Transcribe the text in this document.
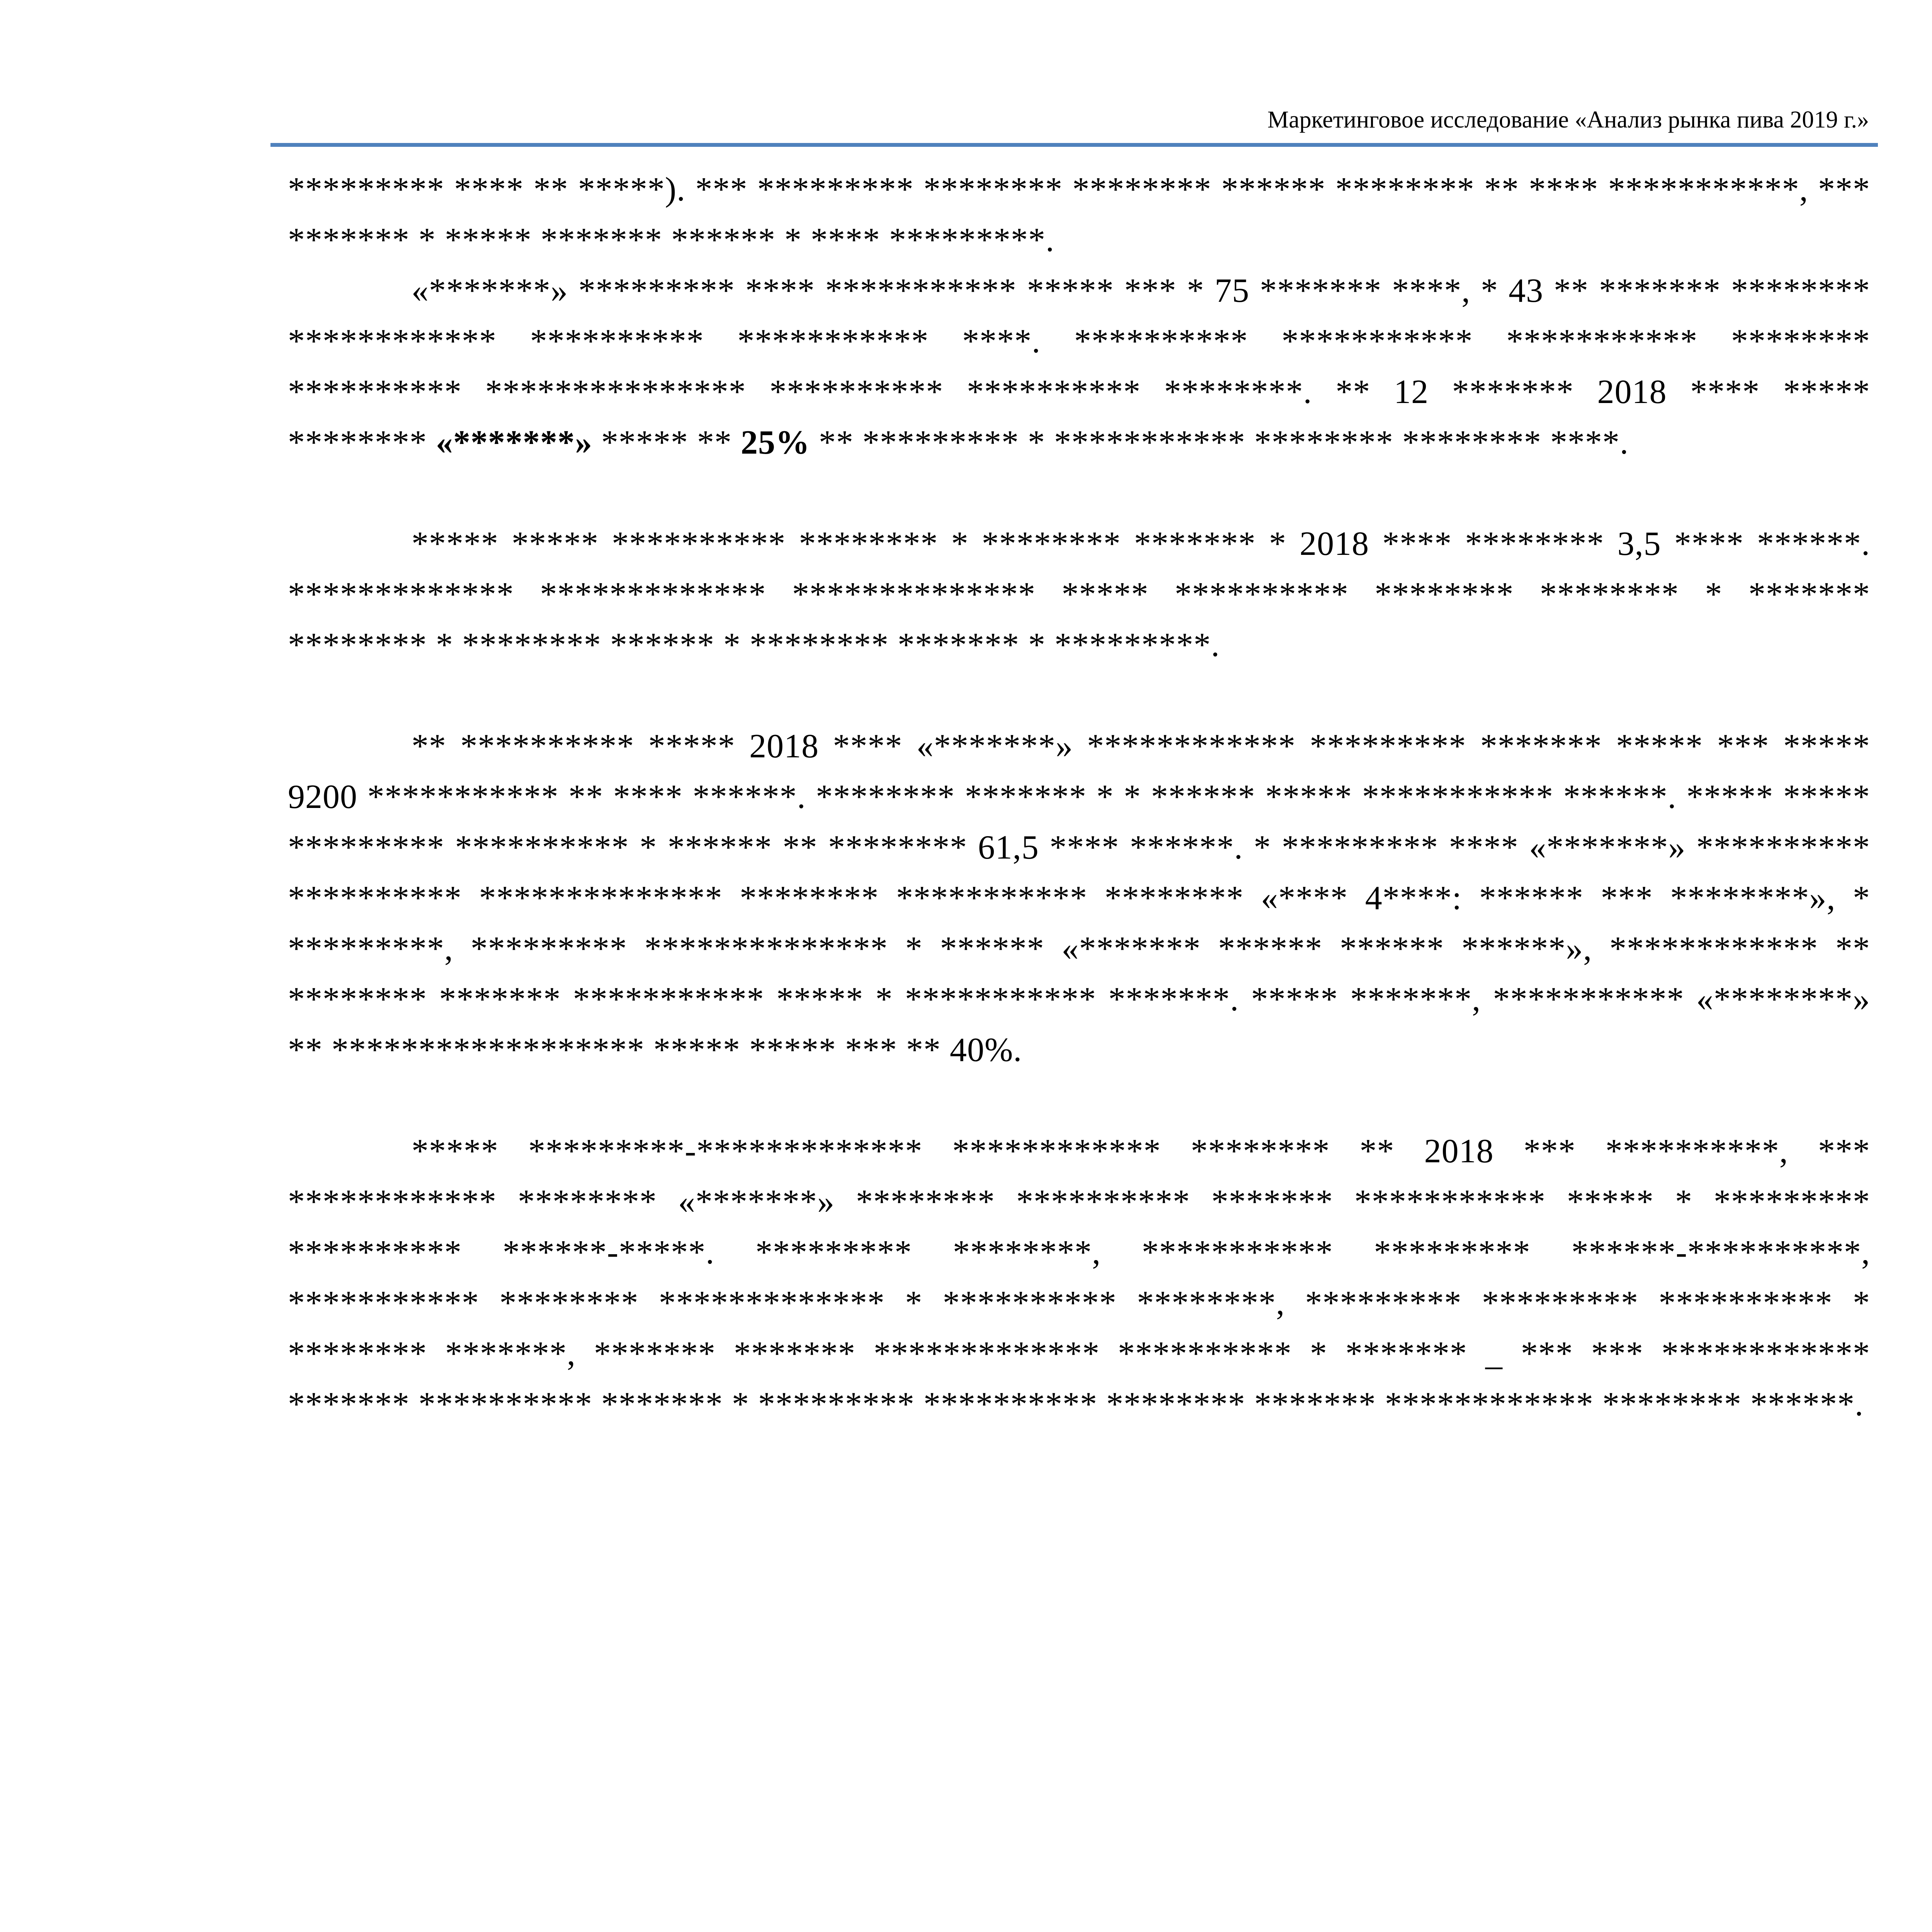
Маркетинговое исследование «Анализ рынка пива 2019 г.»

********* **** ** *****). *** ********* ******** ******** ****** ******** ** **** ***********, *** ******* * ***** ******* ****** * **** *********.

«*******» ********* **** *********** ***** *** * 75 ******* ****, * 43 ** ******* ******** ************ ********** *********** ****. ********** *********** *********** ******** ********** *************** ********** ********** ********. ** 12 ******* 2018 **** ***** ******** «*******» ***** ** 25% ** ********* * *********** ******** ******** ****.

***** ***** ********** ******** * ******** ******* * 2018 **** ******** 3,5 **** ******. ************* ************* ************** ***** ********** ******** ******** * ******* ******** * ******** ****** * ******** ******* * *********.

** ********** ***** 2018 **** «*******» ************ ********* ******* ***** *** ***** 9200 *********** ** **** ******. ******** ******* * * ****** ***** *********** ******. ***** ***** ********* ********** * ****** ** ******** 61,5 **** ******. * ********* **** «*******» ********** ********** ************** ******** *********** ******** «**** 4****: ****** *** ********», * *********, ********* ************** * ****** «******* ****** ****** ******», ************ ** ******** ******* *********** ***** * *********** *******. ***** *******, *********** «********» ** ****************** ***** ***** *** ** 40%.

***** *********-************* ************ ******** ** 2018 *** **********, *** ************ ******** «*******» ******** ********** ******* *********** ***** * ********* ********** ******-*****. ********* ********, *********** ********* ******-**********, *********** ******** ************* * ********** ********, ********* ********* ********** * ******** *******, ******* ******* ************* ********** * ******* _ *** *** ************ ******* ********** ******* * ********* ********** ******** ******* ************ ******** ******.
